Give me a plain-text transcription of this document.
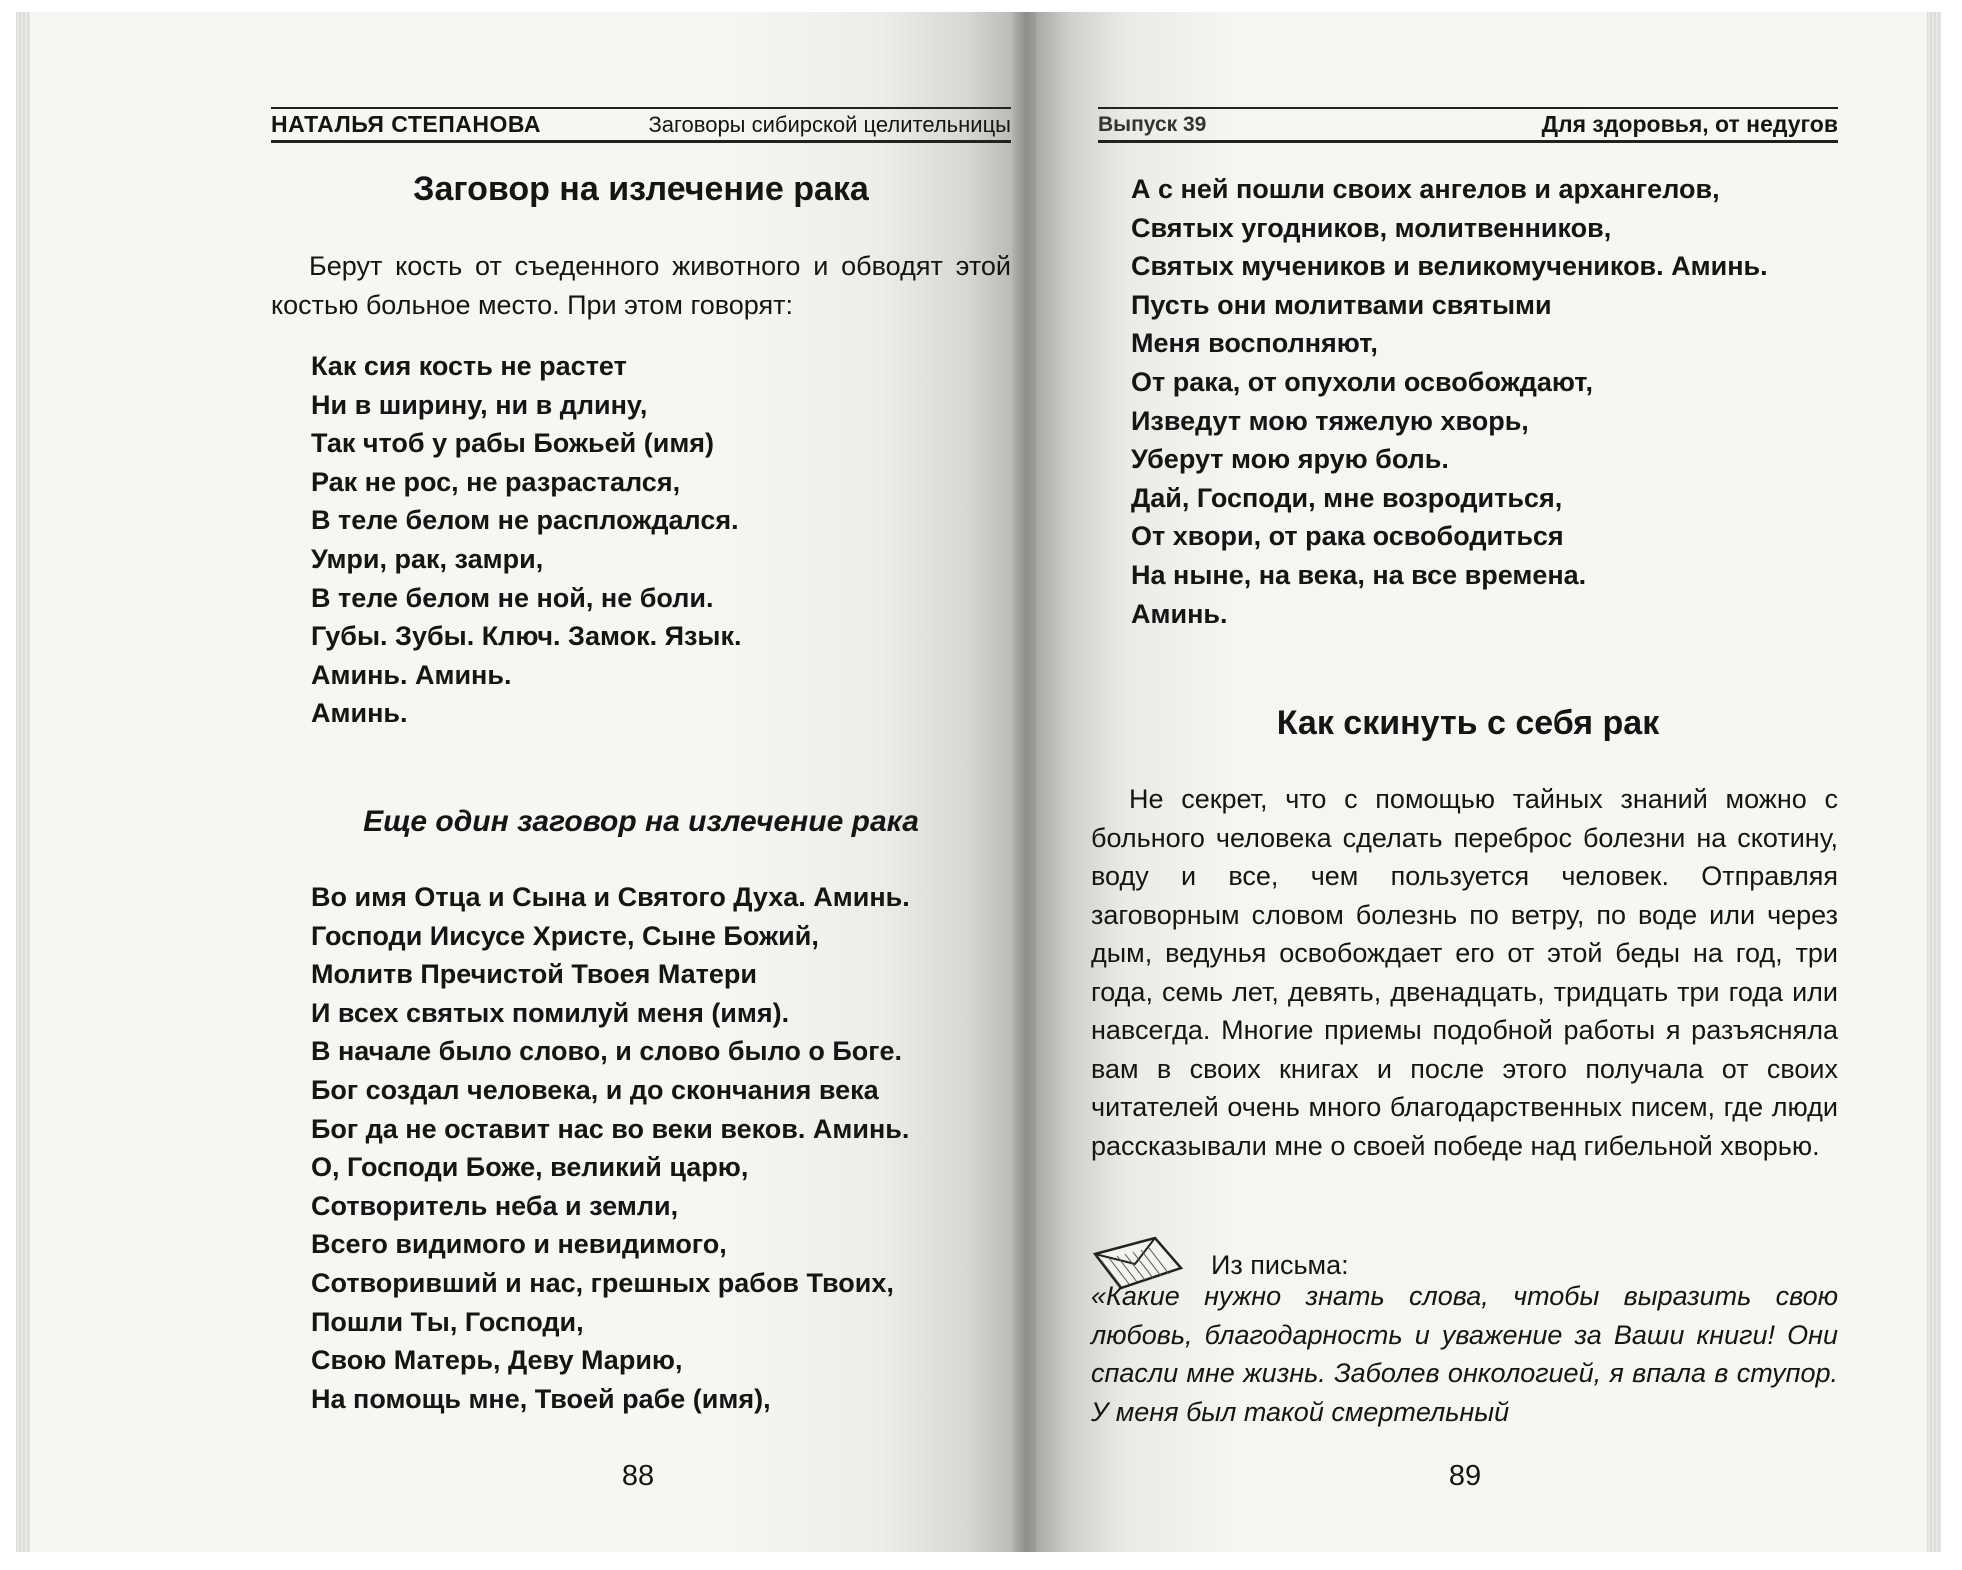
НАТАЛЬЯ СТЕПАНОВА	Заговоры сибирской целительницы
Заговор на излечение рака

Берут кость от съеденного животного и обводят этой костью больное место. При этом говорят:

Как сия кость не растет
Ни в ширину, ни в длину,
Так чтоб у рабы Божьей (имя)
Рак не рос, не разрастался,
В теле белом не расплождался.
Умри, рак, замри,
В теле белом не ной, не боли.
Губы. Зубы. Ключ. Замок. Язык.
Аминь. Аминь.
Аминь.
Еще один заговор на излечение рака
Во имя Отца и Сына и Святого Духа. Аминь.
Господи Иисусе Христе, Сыне Божий,
Молитв Пречистой Твоея Матери
И всех святых помилуй меня (имя).
В начале было слово, и слово было о Боге.
Бог создал человека, и до скончания века
Бог да не оставит нас во веки веков. Аминь.
О, Господи Боже, великий царю,
Сотворитель неба и земли,
Всего видимого и невидимого,
Сотворивший и нас, грешных рабов Твоих,
Пошли Ты, Господи,
Свою Матерь, Деву Марию,
На помощь мне, Твоей рабе (имя),
88
Выпуск 39	Для здоровья, от недугов
А с ней пошли своих ангелов и архангелов,
Святых угодников, молитвенников,
Святых мучеников и великомучеников. Аминь.
Пусть они молитвами святыми
Меня восполняют,
От рака, от опухоли освобождают,
Изведут мою тяжелую хворь,
Уберут мою ярую боль.
Дай, Господи, мне возродиться,
От хвори, от рака освободиться
На ныне, на века, на все времена.
Аминь.
Как скинуть с себя рак

Не секрет, что с помощью тайных знаний можно с больного человека сделать переброс болезни на скотину, воду и все, чем пользуется человек. Отправляя заговорным словом болезнь по ветру, по воде или через дым, ведунья освобождает его от этой беды на год, три года, семь лет, девять, двенадцать, тридцать три года или навсегда. Многие приемы подобной работы я разъясняла вам в своих книгах и после этого получала от своих читателей очень много благодарственных писем, где люди рассказывали мне о своей победе над гибельной хворью.

Из письма:

«Какие нужно знать слова, чтобы выразить свою любовь, благодарность и уважение за Ваши книги! Они спасли мне жизнь. Заболев онкологией, я впала в ступор. У меня был такой смертельный

89
